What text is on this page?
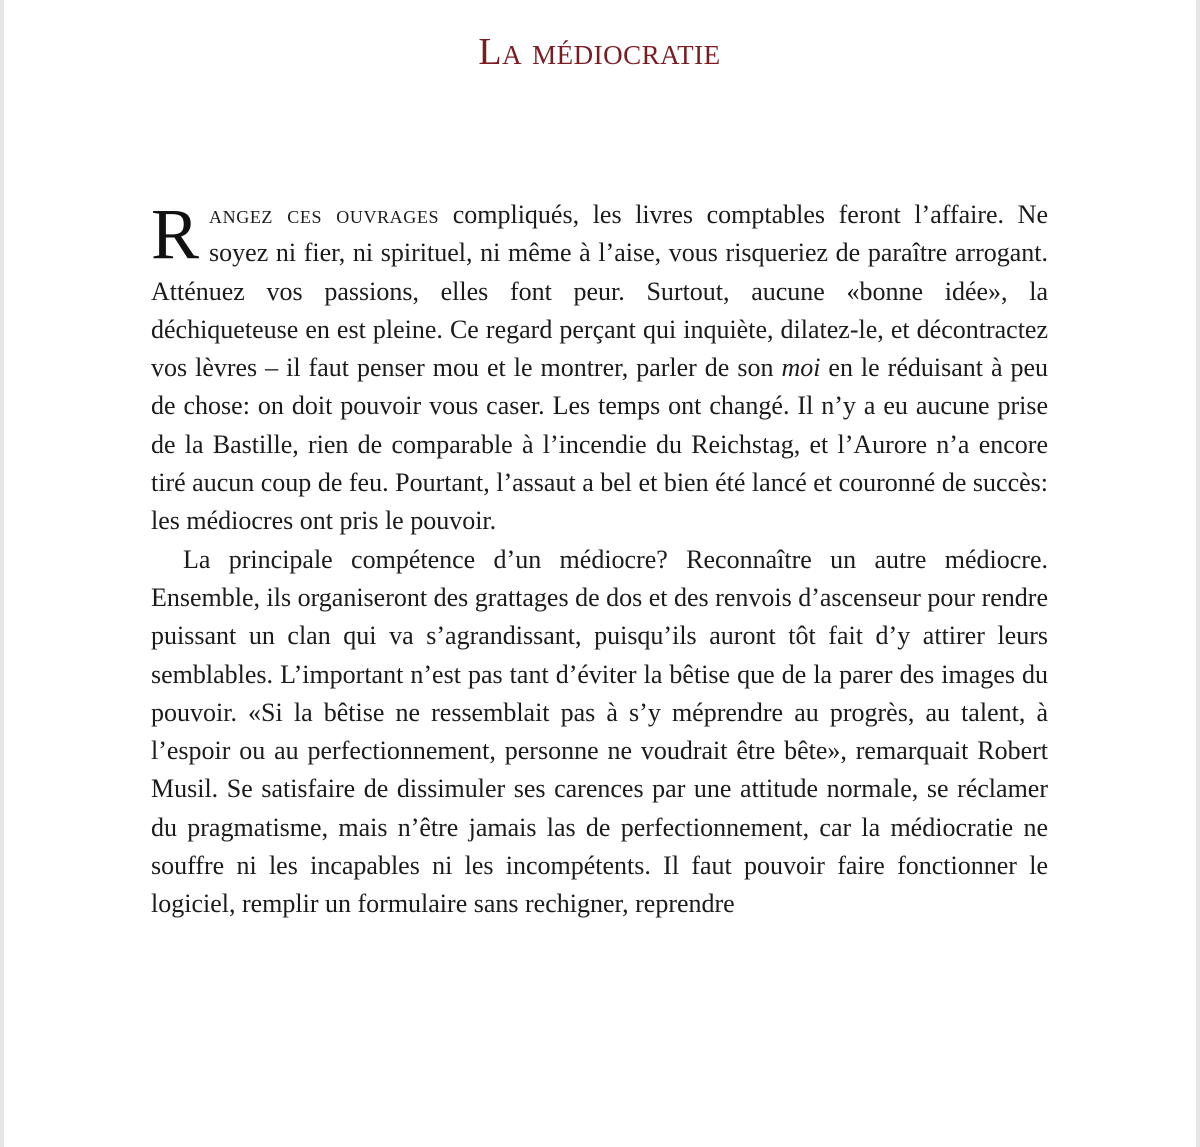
La médiocratie

Rangez ces ouvrages compliqués, les livres comptables feront l’affaire. Ne soyez ni fier, ni spirituel, ni même à l’aise, vous risqueriez de paraître arrogant. Atténuez vos passions, elles font peur. Surtout, aucune «bonne idée», la déchiqueteuse en est pleine. Ce regard perçant qui inquiète, dilatez-le, et décontractez vos lèvres – il faut penser mou et le montrer, parler de son moi en le réduisant à peu de chose: on doit pouvoir vous caser. Les temps ont changé. Il n’y a eu aucune prise de la Bastille, rien de comparable à l’incendie du Reichstag, et l’Aurore n’a encore tiré aucun coup de feu. Pourtant, l’assaut a bel et bien été lancé et couronné de succès: les médiocres ont pris le pouvoir.

La principale compétence d’un médiocre? Reconnaître un autre médiocre. Ensemble, ils organiseront des grattages de dos et des renvois d’ascenseur pour rendre puissant un clan qui va s’agrandissant, puisqu’ils auront tôt fait d’y attirer leurs semblables. L’important n’est pas tant d’éviter la bêtise que de la parer des images du pouvoir. «Si la bêtise ne ressemblait pas à s’y méprendre au progrès, au talent, à l’espoir ou au perfectionnement, personne ne voudrait être bête», remarquait Robert Musil. Se satisfaire de dissimuler ses carences par une attitude normale, se réclamer du pragmatisme, mais n’être jamais las de perfectionnement, car la médiocratie ne souffre ni les incapables ni les incompétents. Il faut pouvoir faire fonctionner le logiciel, remplir un formulaire sans rechigner, reprendre
